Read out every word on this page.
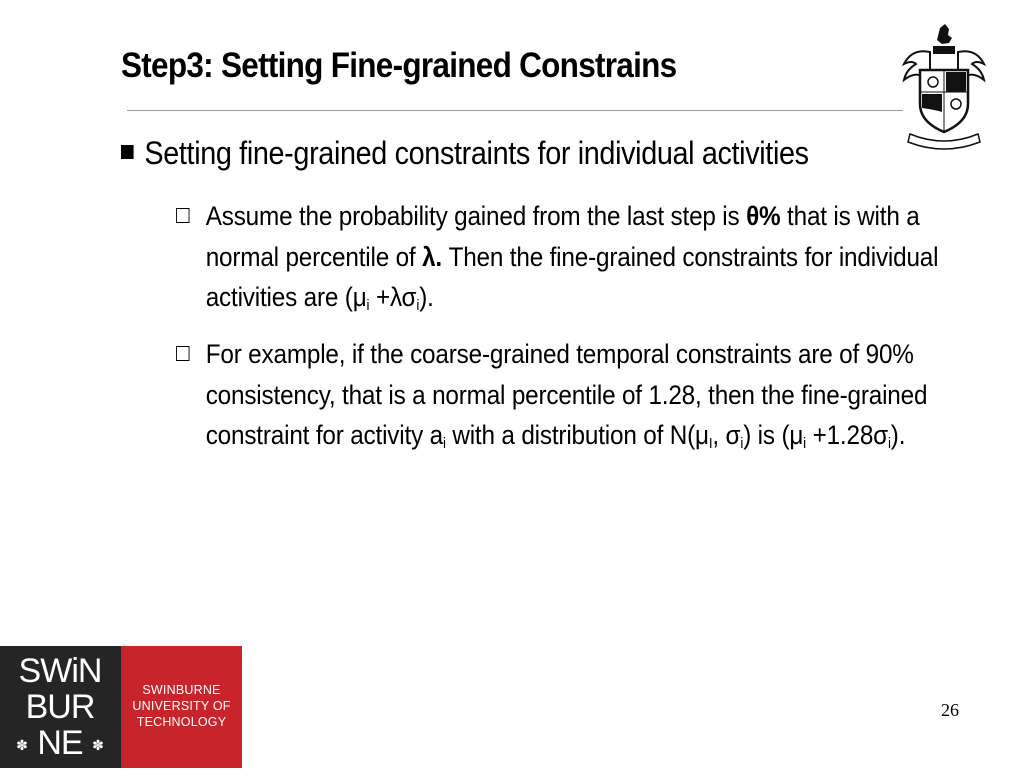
Step3: Setting Fine-grained Constrains
Setting fine-grained constraints for individual activities
Assume the probability gained from the last step is θ% that is with a normal percentile of λ. Then the fine-grained constraints for individual activities are $(\mu_i +\lambda\sigma_i)$.
For example, if the coarse-grained temporal constraints are of 90% consistency, that is a normal percentile of 1.28, then the fine-grained constraint for activity $a_i$ with a distribution of $N(\mu_I$, $\sigma_i$) is $(\mu_i +1.28\sigma_i)$.
SWiN
BUR
NE
✽	✽
SWINBURNE
UNIVERSITY OF
TECHNOLOGY
26
